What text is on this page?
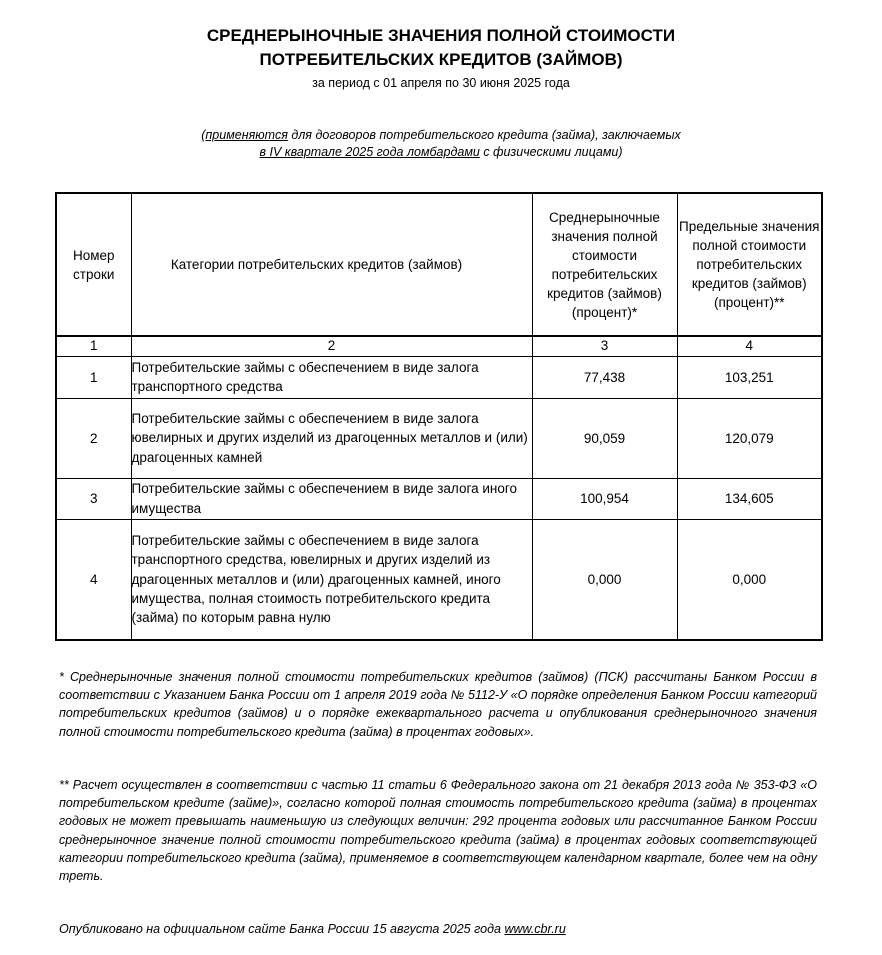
СРЕДНЕРЫНОЧНЫЕ ЗНАЧЕНИЯ ПОЛНОЙ СТОИМОСТИ
ПОТРЕБИТЕЛЬСКИХ КРЕДИТОВ (ЗАЙМОВ)
за период с 01 апреля по 30 июня 2025 года
(применяются для договоров потребительского кредита (займа), заключаемых
в IV квартале 2025 года ломбардами с физическими лицами)
Номер строки	Категории потребительских кредитов (займов)	Среднерыночные значения полной стоимости потребительских кредитов (займов) (процент)*	Предельные значения полной стоимости потребительских кредитов (займов) (процент)**
1	2	3	4
1	Потребительские займы с обеспечением в виде залога транспортного средства	77,438	103,251
2	Потребительские займы с обеспечением в виде залога ювелирных и других изделий из драгоценных металлов и (или) драгоценных камней	90,059	120,079
3	Потребительские займы с обеспечением в виде залога иного имущества	100,954	134,605
4	Потребительские займы с обеспечением в виде залога транспортного средства, ювелирных и других изделий из драгоценных металлов и (или) драгоценных камней, иного имущества, полная стоимость потребительского кредита (займа) по которым равна нулю	0,000	0,000
* Среднерыночные значения полной стоимости потребительских кредитов (займов) (ПСК) рассчитаны Банком России в соответствии с Указанием Банка России от 1 апреля 2019 года № 5112-У «О порядке определения Банком России категорий потребительских кредитов (займов) и о порядке ежеквартального расчета и опубликования среднерыночного значения полной стоимости потребительского кредита (займа) в процентах годовых».
** Расчет осуществлен в соответствии с частью 11 статьи 6 Федерального закона от 21 декабря 2013 года № 353-ФЗ «О потребительском кредите (займе)», согласно которой полная стоимость потребительского кредита (займа) в процентах годовых не может превышать наименьшую из следующих величин: 292 процента годовых или рассчитанное Банком России среднерыночное значение полной стоимости потребительского кредита (займа) в процентах годовых соответствующей категории потребительского кредита (займа), применяемое в соответствующем календарном квартале, более чем на одну треть.
Опубликовано на официальном сайте Банка России 15 августа 2025 года www.cbr.ru
